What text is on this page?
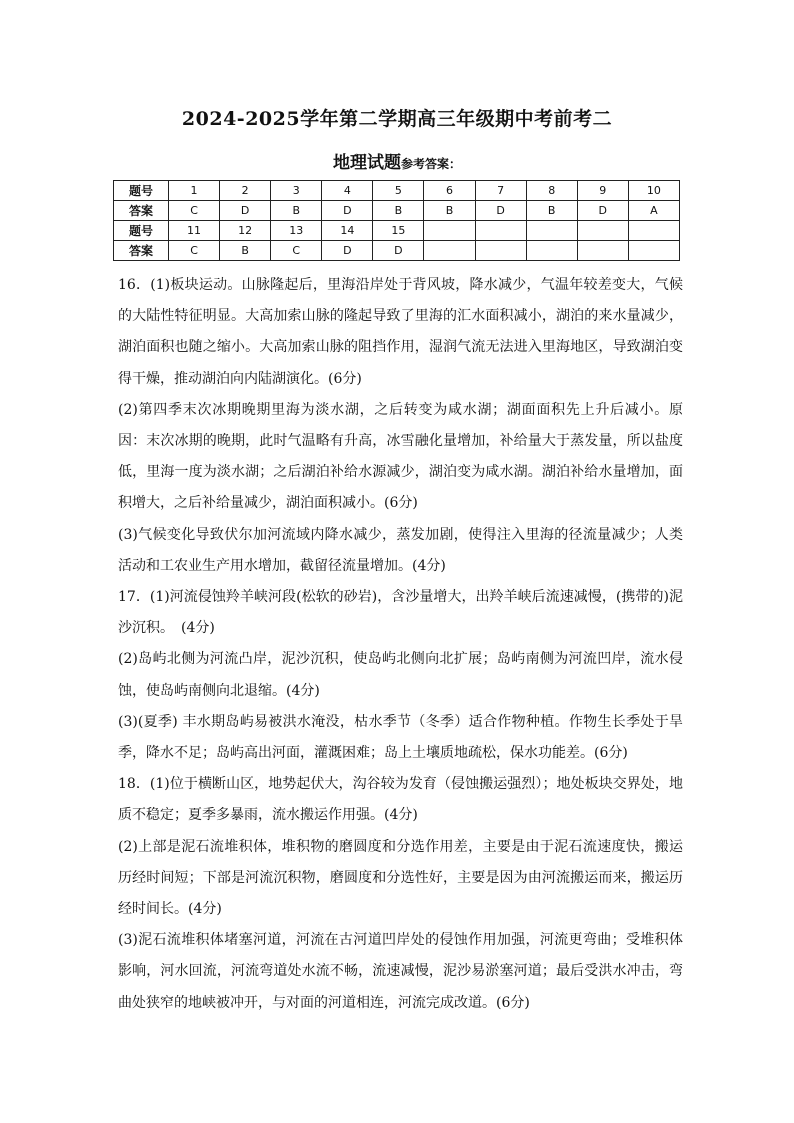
2024-2025学年第二学期高三年级期中考前考二
地理试题参考答案：
题号	1	2	3	4	5	6	7	8	9	10
答案	C	D	B	D	B	B	D	B	D	A
题号	11	12	13	14	15					
答案	C	B	C	D	D					

16．(1)板块运动。山脉隆起后，里海沿岸处于背风坡，降水减少，气温年较差变大，气候的大陆性特征明显。大高加索山脉的隆起导致了里海的汇水面积减小，湖泊的来水量减少，湖泊面积也随之缩小。大高加索山脉的阻挡作用，湿润气流无法进入里海地区，导致湖泊变得干燥，推动湖泊向内陆湖演化。(6分)

(2)第四季末次冰期晚期里海为淡水湖，之后转变为咸水湖；湖面面积先上升后减小。原因：末次冰期的晚期，此时气温略有升高，冰雪融化量增加，补给量大于蒸发量，所以盐度低，里海一度为淡水湖；之后湖泊补给水源减少，湖泊变为咸水湖。湖泊补给水量增加，面积增大，之后补给量减少，湖泊面积减小。(6分)

(3)气候变化导致伏尔加河流域内降水减少，蒸发加剧，使得注入里海的径流量减少；人类活动和工农业生产用水增加，截留径流量增加。(4分)

17．(1)河流侵蚀羚羊峡河段(松软的砂岩)，含沙量增大，出羚羊峡后流速减慢，(携带的)泥沙沉积。　(4分)

(2)岛屿北侧为河流凸岸，泥沙沉积，使岛屿北侧向北扩展；岛屿南侧为河流凹岸，流水侵蚀，使岛屿南侧向北退缩。(4分)

(3)(夏季) 丰水期岛屿易被洪水淹没，枯水季节（冬季）适合作物种植。作物生长季处于旱季，降水不足；岛屿高出河面，灌溉困难；岛上土壤质地疏松，保水功能差。(6分)

18．(1)位于横断山区，地势起伏大，沟谷较为发育（侵蚀搬运强烈）；地处板块交界处，地质不稳定；夏季多暴雨，流水搬运作用强。(4分)

(2)上部是泥石流堆积体，堆积物的磨圆度和分选作用差，主要是由于泥石流速度快，搬运历经时间短；下部是河流沉积物，磨圆度和分选性好，主要是因为由河流搬运而来，搬运历经时间长。(4分)

(3)泥石流堆积体堵塞河道，河流在古河道凹岸处的侵蚀作用加强，河流更弯曲；受堆积体影响，河水回流，河流弯道处水流不畅，流速减慢，泥沙易淤塞河道；最后受洪水冲击，弯曲处狭窄的地峡被冲开，与对面的河道相连，河流完成改道。(6分)
